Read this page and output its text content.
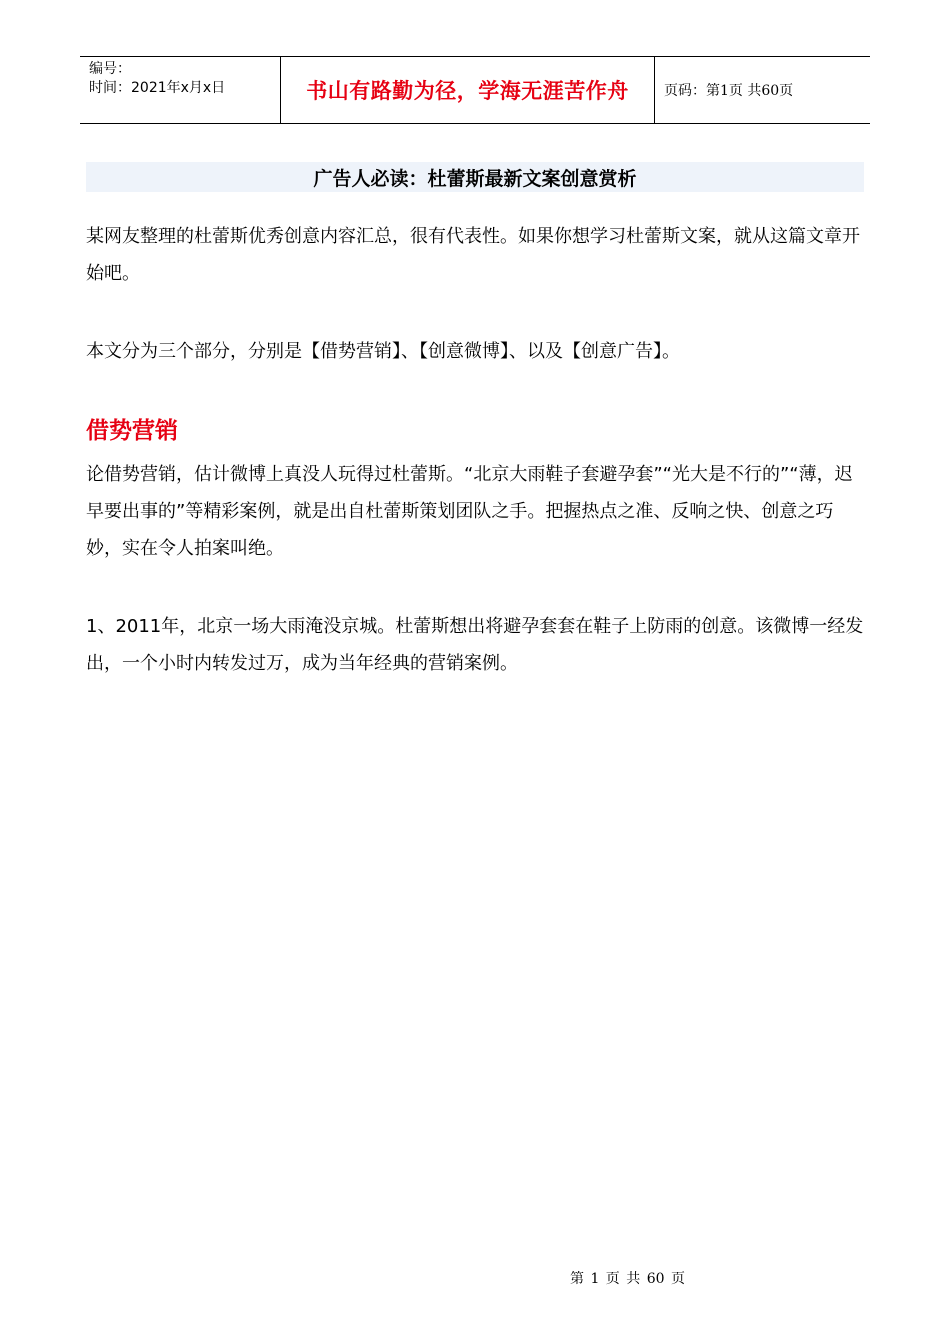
编号：
时间：2021年x月x日	书山有路勤为径，学海无涯苦作舟	页码：第1页 共60页
广告人必读：杜蕾斯最新文案创意赏析

某网友整理的杜蕾斯优秀创意内容汇总，很有代表性。如果你想学习杜蕾斯文案，就从这篇文章开始吧。

本文分为三个部分，分别是【借势营销】、【创意微博】、以及【创意广告】。

借势营销

论借势营销，估计微博上真没人玩得过杜蕾斯。“北京大雨鞋子套避孕套”“光大是不行的”“薄，迟早要出事的”等精彩案例，就是出自杜蕾斯策划团队之手。把握热点之准、反响之快、创意之巧妙，实在令人拍案叫绝。

1、2011年，北京一场大雨淹没京城。杜蕾斯想出将避孕套套在鞋子上防雨的创意。该微博一经发出，一个小时内转发过万，成为当年经典的营销案例。

第 1 页 共 60 页
